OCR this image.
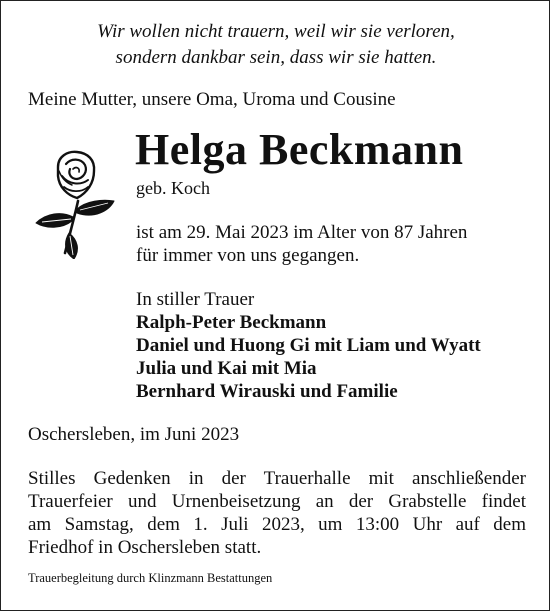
Wir wollen nicht trauern, weil wir sie verloren,
sondern dankbar sein, dass wir sie hatten.
Meine Mutter, unsere Oma, Uroma und Cousine
Helga Beckmann
geb. Koch
ist am 29. Mai 2023 im Alter von 87 Jahren
für immer von uns gegangen.
In stiller Trauer
Ralph-Peter Beckmann
Daniel und Huong Gi mit Liam und Wyatt
Julia und Kai mit Mia
Bernhard Wirauski und Familie
Oschersleben, im Juni 2023
Stilles Gedenken in der Trauerhalle mit anschließender
Trauerfeier und Urnenbeisetzung an der Grabstelle findet
am Samstag, dem 1. Juli 2023, um 13:00 Uhr auf dem
Friedhof in Oschersleben statt.
Trauerbegleitung durch Klinzmann Bestattungen
